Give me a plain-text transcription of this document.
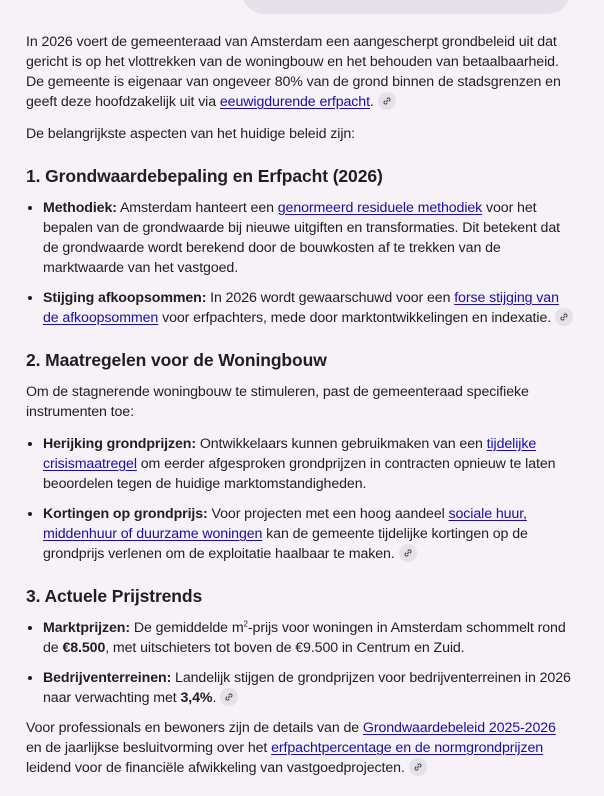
In 2026 voert de gemeenteraad van Amsterdam een aangescherpt grondbeleid uit dat gericht is op het vlottrekken van de woningbouw en het behouden van betaalbaarheid. De gemeente is eigenaar van ongeveer 80% van de grond binnen de stadsgrenzen en geeft deze hoofdzakelijk uit via eeuwigdurende erfpacht.

De belangrijkste aspecten van het huidige beleid zijn:

1. Grondwaardebepaling en Erfpacht (2026)
• Methodiek: Amsterdam hanteert een genormeerd residuele methodiek voor het bepalen van de grondwaarde bij nieuwe uitgiften en transformaties. Dit betekent dat de grondwaarde wordt berekend door de bouwkosten af te trekken van de marktwaarde van het vastgoed.
• Stijging afkoopsommen: In 2026 wordt gewaarschuwd voor een forse stijging van de afkoopsommen voor erfpachters, mede door marktontwikkelingen en indexatie.
2. Maatregelen voor de Woningbouw

Om de stagnerende woningbouw te stimuleren, past de gemeenteraad specifieke instrumenten toe:

• Herijking grondprijzen: Ontwikkelaars kunnen gebruikmaken van een tijdelijke crisismaatregel om eerder afgesproken grondprijzen in contracten opnieuw te laten beoordelen tegen de huidige marktomstandigheden.
• Kortingen op grondprijs: Voor projecten met een hoog aandeel sociale huur, middenhuur of duurzame woningen kan de gemeente tijdelijke kortingen op de grondprijs verlenen om de exploitatie haalbaar te maken.
3. Actuele Prijstrends
• Marktprijzen: De gemiddelde $m^2$-prijs voor woningen in Amsterdam schommelt rond de €8.500, met uitschieters tot boven de €9.500 in Centrum en Zuid.
• Bedrijventerreinen: Landelijk stijgen de grondprijzen voor bedrijventerreinen in 2026 naar verwachting met 3,4%.

Voor professionals en bewoners zijn de details van de Grondwaardebeleid 2025-2026 en de jaarlijkse besluitvorming over het erfpachtpercentage en de normgrondprijzen leidend voor de financiële afwikkeling van vastgoedprojecten.
